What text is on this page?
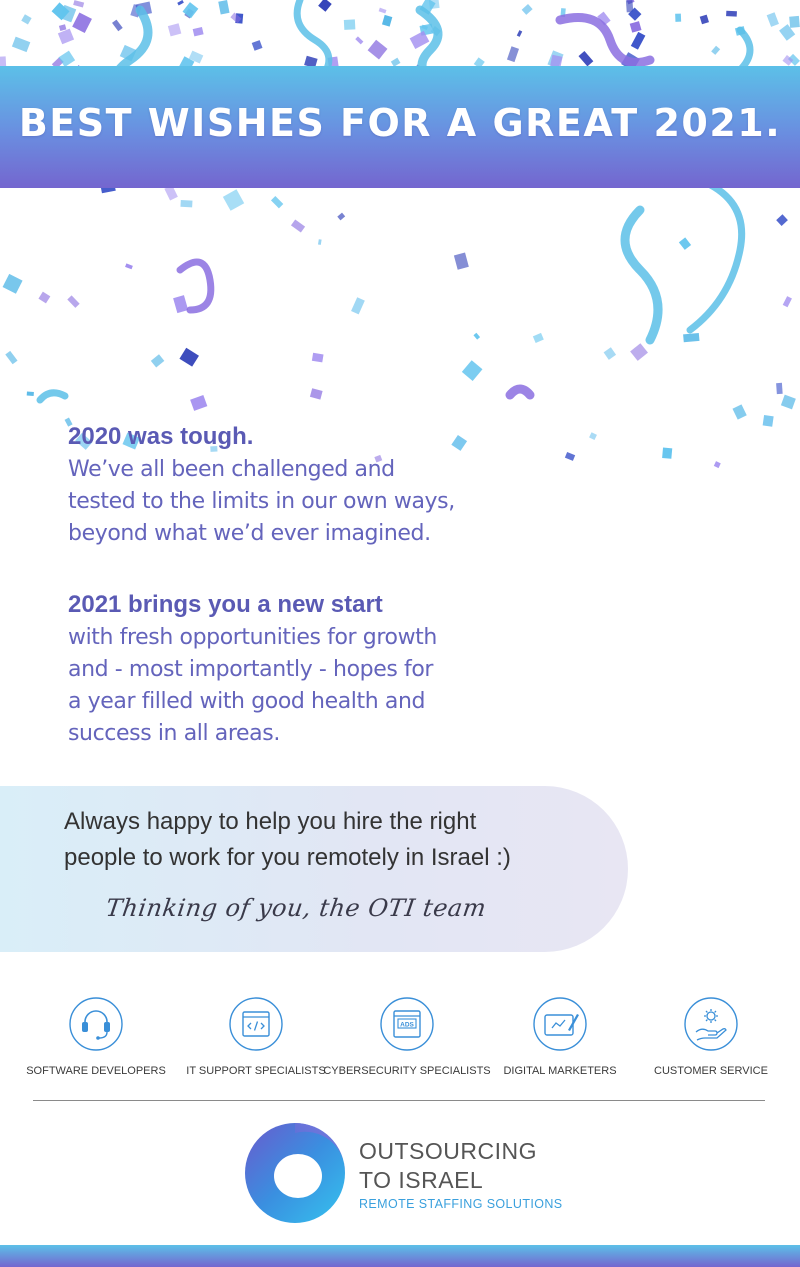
BEST WISHES FOR A GREAT 2021.
2020 was tough.
We’ve all been challenged and
tested to the limits in our own ways,
beyond what we’d ever imagined.
2021 brings you a new start
with fresh opportunities for growth
and - most importantly - hopes for
a year filled with good health and
success in all areas.
Always happy to help you hire the right
people to work for you remotely in Israel :)
Thinking of you, the OTI team
SOFTWARE DEVELOPERS	IT SUPPORT SPECIALISTS
ADS
CYBERSECURITY SPECIALISTS	DIGITAL MARKETERS	CUSTOMER SERVICE
OUTSOURCING
TO ISRAEL
REMOTE STAFFING SOLUTIONS
